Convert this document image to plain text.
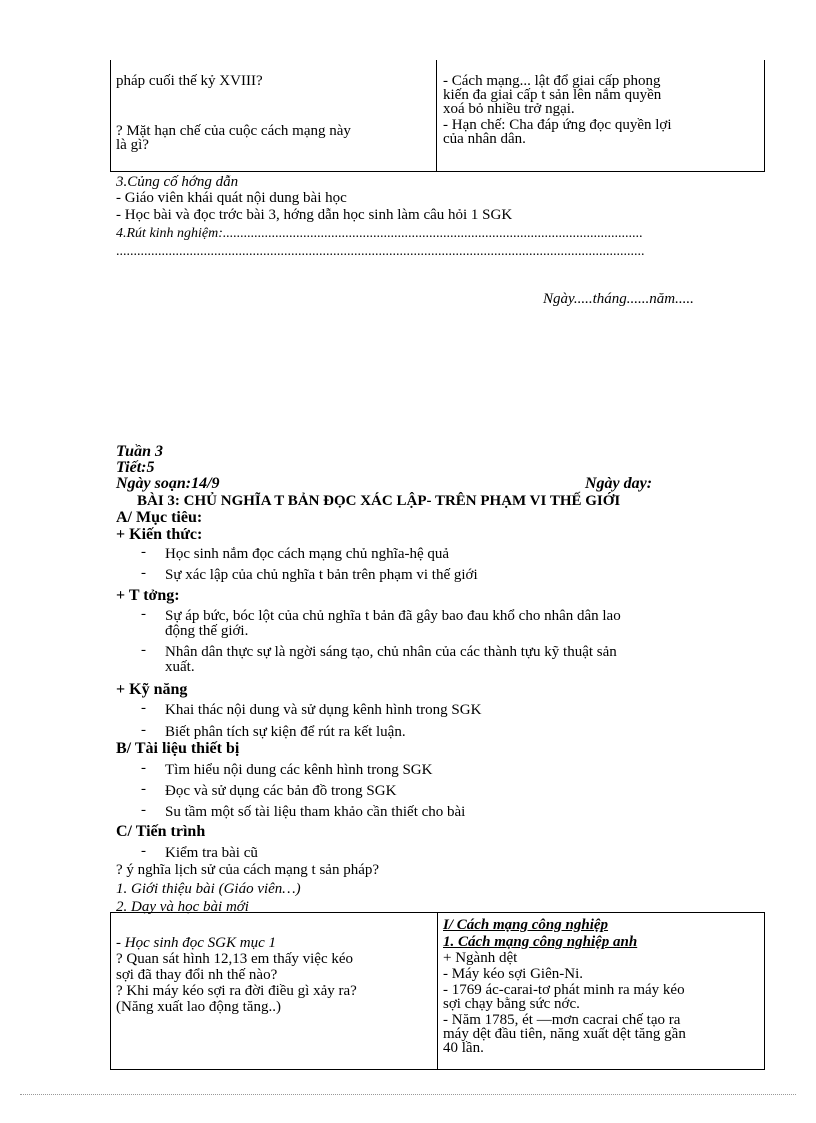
pháp cuối thế kỷ XVIII?

? Mặt hạn chế của cuộc cách mạng này

là gì?

- Cách mạng... lật đổ giai cấp phong

kiến đa giai cấp t sản lên nắm quyền

xoá bỏ nhiều trở ngại.

- Hạn chế: Cha đáp ứng đọc quyền lợi

của nhân dân.

3.Củng cố hớng dẫn
- Giáo viên khái quát nội dung bài học
- Học bài và đọc trớc bài 3, hớng dẫn học sinh làm câu hỏi 1 SGK
4.Rút kinh nghiệm:........................................................................................................................
.......................................................................................................................................................
Ngày.....tháng......năm.....
Tuần 3
Tiết:5
Ngày soạn:14/9	Ngày day:
BÀI 3: CHỦ NGHĨA T BẢN ĐỌC XÁC LẬP- TRÊN PHẠM VI THẾ GIỚI
A/ Mục tiêu:
+ Kiến thức:
- Học sinh nắm đọc cách mạng chủ nghĩa-hệ quả
- Sự xác lập của chủ nghĩa t bản trên phạm vi thế giới
+ T tởng:
- Sự áp bức, bóc lột của chủ nghĩa t bản đã gây bao đau khổ cho nhân dân lao
động thế giới.
- Nhân dân thực sự là ngời sáng tạo, chủ nhân của các thành tựu kỹ thuật sản
xuất.
+ Kỹ năng
- Khai thác nội dung và sử dụng kênh hình trong SGK
- Biết phân tích sự kiện để rút ra kết luận.
B/ Tài liệu thiết bị
- Tìm hiểu nội dung các kênh hình trong SGK
- Đọc và sử dụng các bản đồ trong SGK
- Su tầm một số tài liệu tham khảo cần thiết cho bài
C/ Tiến trình
- Kiểm tra bài cũ
? ý nghĩa lịch sử của cách mạng t sản pháp?
1. Giới thiệu bài (Giáo viên…)
2. Dạy và học bài mới

- Học sinh đọc SGK mục 1

? Quan sát hình 12,13 em thấy việc kéo

sợi đã thay đổi nh thế nào?

? Khi máy kéo sợi ra đời điều gì xảy ra?

(Năng xuất lao động tăng..)

I/ Cách mạng công nghiệp

1. Cách mạng công nghiệp anh

+ Ngành dệt

- Máy kéo sợi Giên-Ni.

- 1769 ác-carai-tơ phát minh ra máy kéo

sợi chạy bằng sức nớc.

- Năm 1785, ét —mơn cacrai chế tạo ra

máy dệt đầu tiên, năng xuất dệt tăng gần

40 lần.
